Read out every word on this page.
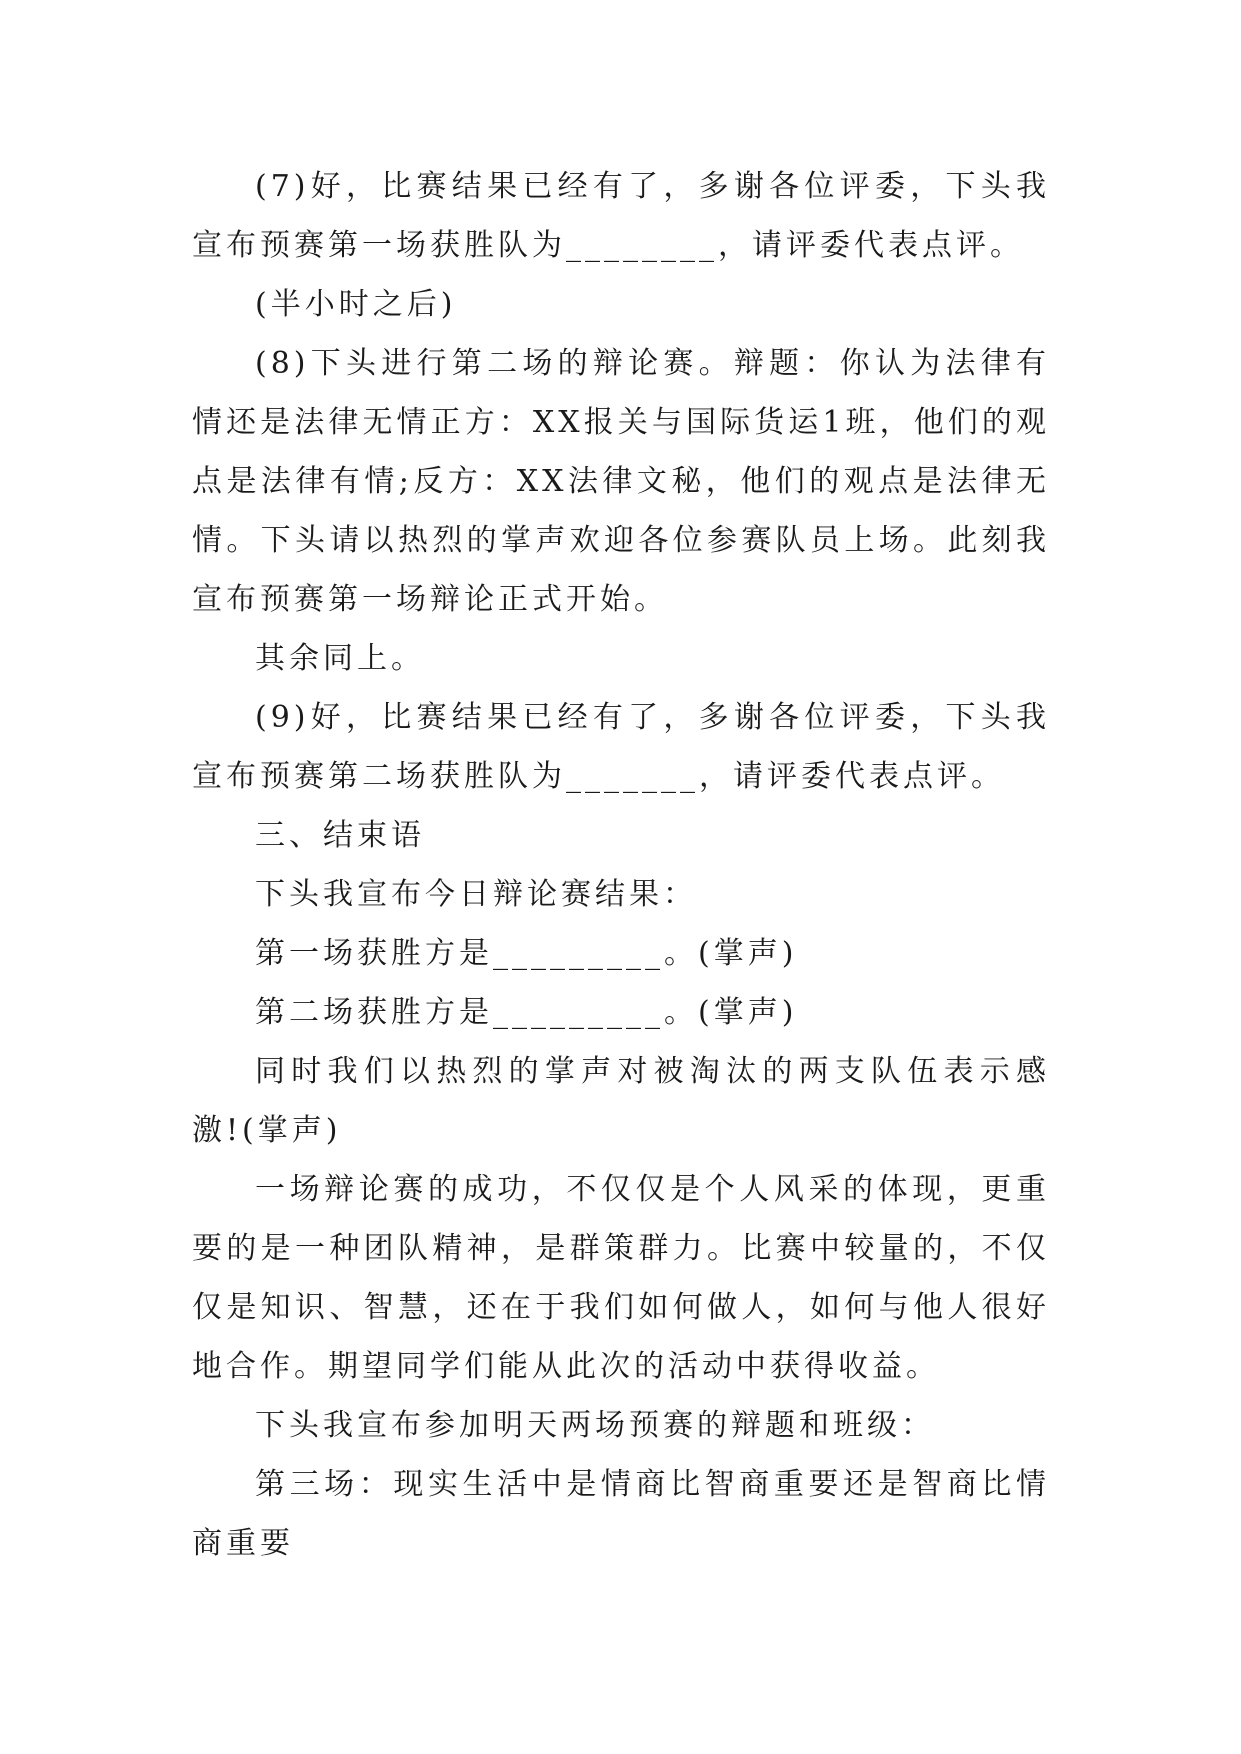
(7)好，比赛结果已经有了，多谢各位评委，下头我宣布预赛第一场获胜队为________，请评委代表点评。

(半小时之后)

(8)下头进行第二场的辩论赛。辩题：你认为法律有情还是法律无情正方：XX报关与国际货运1班，他们的观点是法律有情;反方：XX法律文秘，他们的观点是法律无情。下头请以热烈的掌声欢迎各位参赛队员上场。此刻我宣布预赛第一场辩论正式开始。

其余同上。

(9)好，比赛结果已经有了，多谢各位评委，下头我宣布预赛第二场获胜队为_______，请评委代表点评。

三、结束语

下头我宣布今日辩论赛结果：

第一场获胜方是_________。(掌声)

第二场获胜方是_________。(掌声)

同时我们以热烈的掌声对被淘汰的两支队伍表示感激!(掌声)

一场辩论赛的成功，不仅仅是个人风采的体现，更重要的是一种团队精神，是群策群力。比赛中较量的，不仅仅是知识、智慧，还在于我们如何做人，如何与他人很好地合作。期望同学们能从此次的活动中获得收益。

下头我宣布参加明天两场预赛的辩题和班级：

第三场：现实生活中是情商比智商重要还是智商比情商重要
